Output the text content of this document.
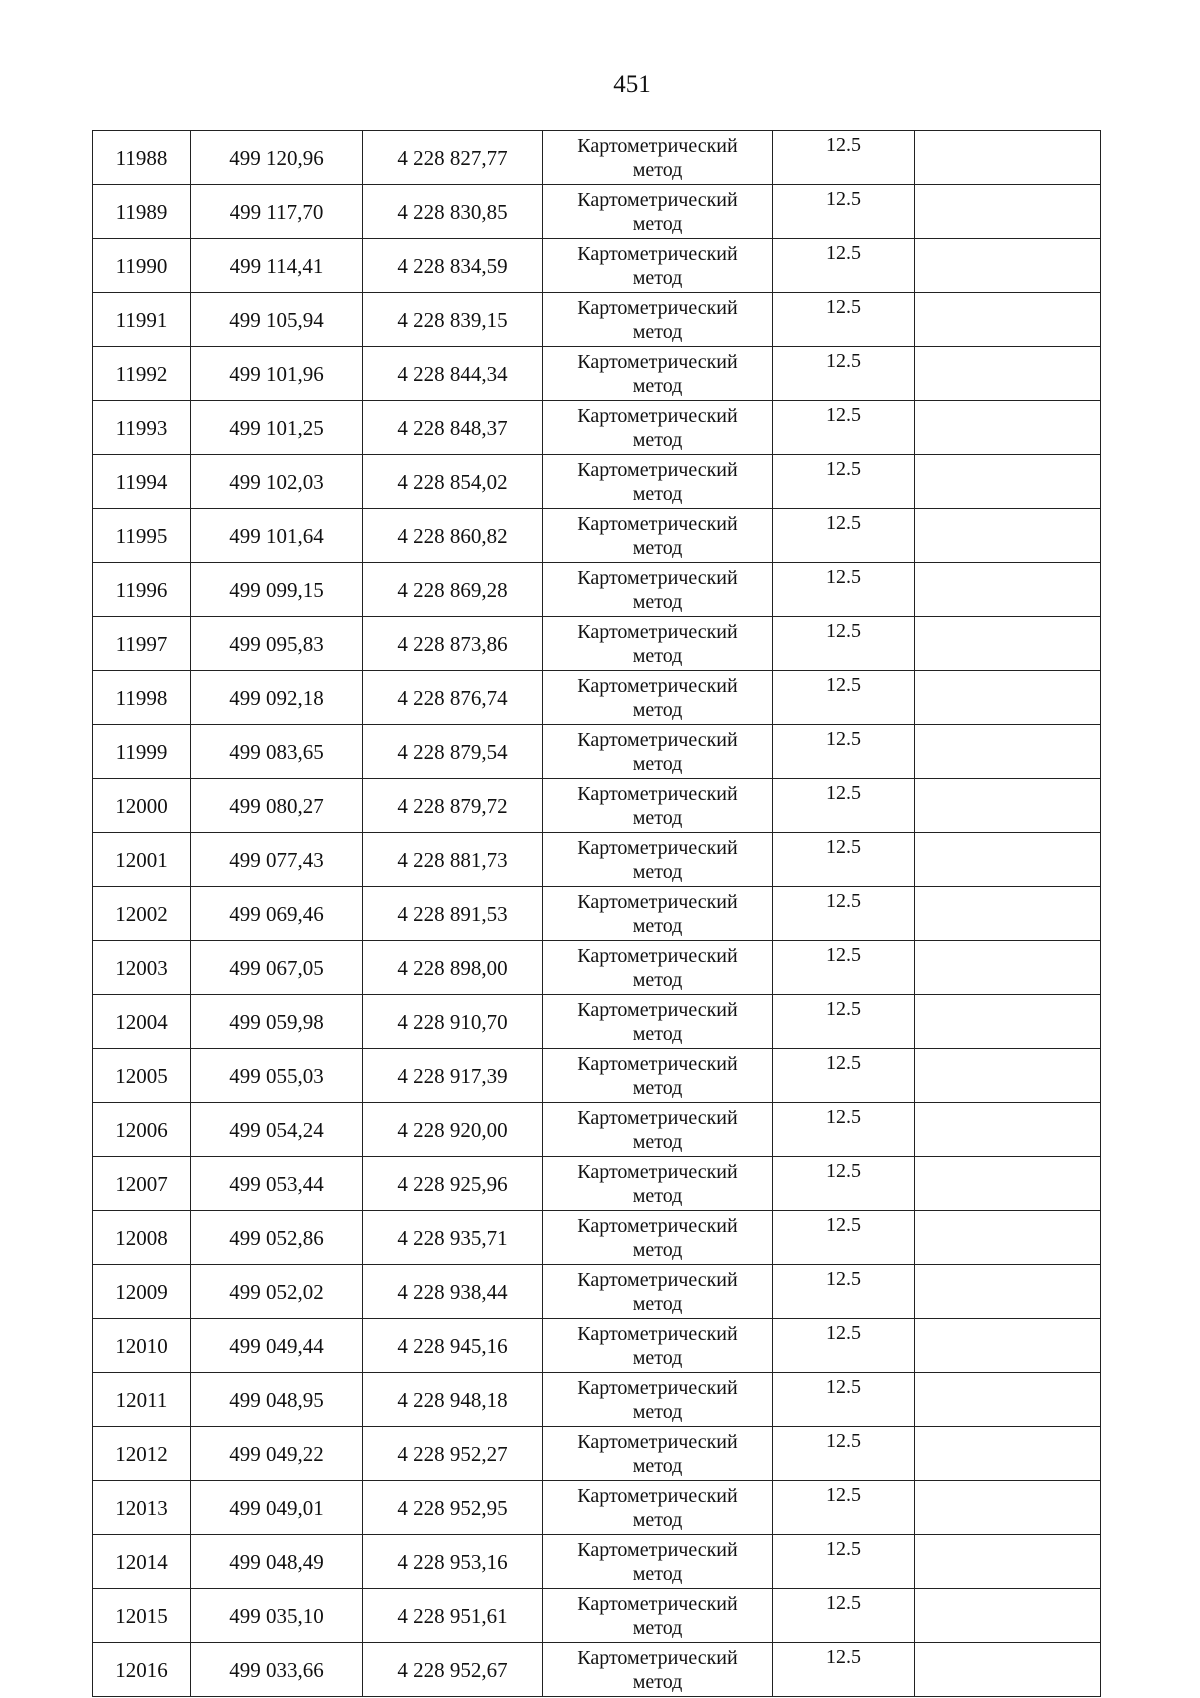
451
11988	499 120,96	4 228 827,77	Картометрический
метод	12.5	
11989	499 117,70	4 228 830,85	Картометрический
метод	12.5	
11990	499 114,41	4 228 834,59	Картометрический
метод	12.5	
11991	499 105,94	4 228 839,15	Картометрический
метод	12.5	
11992	499 101,96	4 228 844,34	Картометрический
метод	12.5	
11993	499 101,25	4 228 848,37	Картометрический
метод	12.5	
11994	499 102,03	4 228 854,02	Картометрический
метод	12.5	
11995	499 101,64	4 228 860,82	Картометрический
метод	12.5	
11996	499 099,15	4 228 869,28	Картометрический
метод	12.5	
11997	499 095,83	4 228 873,86	Картометрический
метод	12.5	
11998	499 092,18	4 228 876,74	Картометрический
метод	12.5	
11999	499 083,65	4 228 879,54	Картометрический
метод	12.5	
12000	499 080,27	4 228 879,72	Картометрический
метод	12.5	
12001	499 077,43	4 228 881,73	Картометрический
метод	12.5	
12002	499 069,46	4 228 891,53	Картометрический
метод	12.5	
12003	499 067,05	4 228 898,00	Картометрический
метод	12.5	
12004	499 059,98	4 228 910,70	Картометрический
метод	12.5	
12005	499 055,03	4 228 917,39	Картометрический
метод	12.5	
12006	499 054,24	4 228 920,00	Картометрический
метод	12.5	
12007	499 053,44	4 228 925,96	Картометрический
метод	12.5	
12008	499 052,86	4 228 935,71	Картометрический
метод	12.5	
12009	499 052,02	4 228 938,44	Картометрический
метод	12.5	
12010	499 049,44	4 228 945,16	Картометрический
метод	12.5	
12011	499 048,95	4 228 948,18	Картометрический
метод	12.5	
12012	499 049,22	4 228 952,27	Картометрический
метод	12.5	
12013	499 049,01	4 228 952,95	Картометрический
метод	12.5	
12014	499 048,49	4 228 953,16	Картометрический
метод	12.5	
12015	499 035,10	4 228 951,61	Картометрический
метод	12.5	
12016	499 033,66	4 228 952,67	Картометрический
метод	12.5	
